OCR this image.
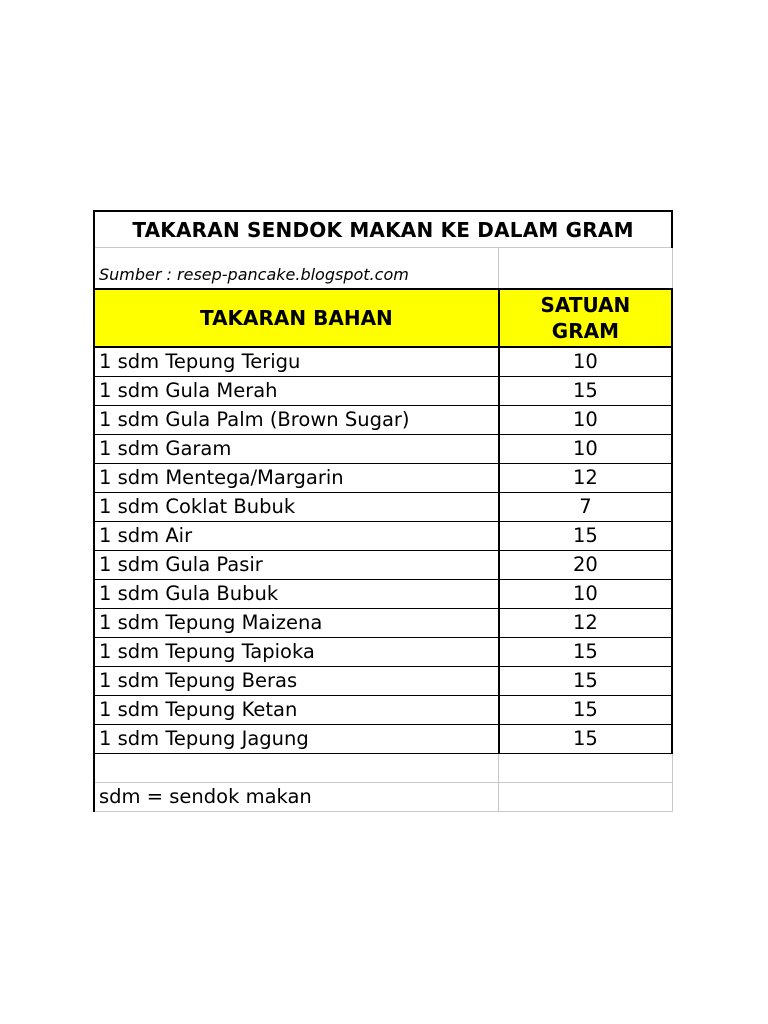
TAKARAN SENDOK MAKAN KE DALAM GRAM	
Sumber : resep-pancake.blogspot.com	
TAKARAN BAHAN	SATUAN
GRAM

1 sdm Tepung Terigu	10
1 sdm Gula Merah	15
1 sdm Gula Palm (Brown Sugar)	10
1 sdm Garam	10
1 sdm Mentega/Margarin	12
1 sdm Coklat Bubuk	7
1 sdm Air	15
1 sdm Gula Pasir	20
1 sdm Gula Bubuk	10
1 sdm Tepung Maizena	12
1 sdm Tepung Tapioka	15
1 sdm Tepung Beras	15
1 sdm Tepung Ketan	15
1 sdm Tepung Jagung	15

sdm = sendok makan	
